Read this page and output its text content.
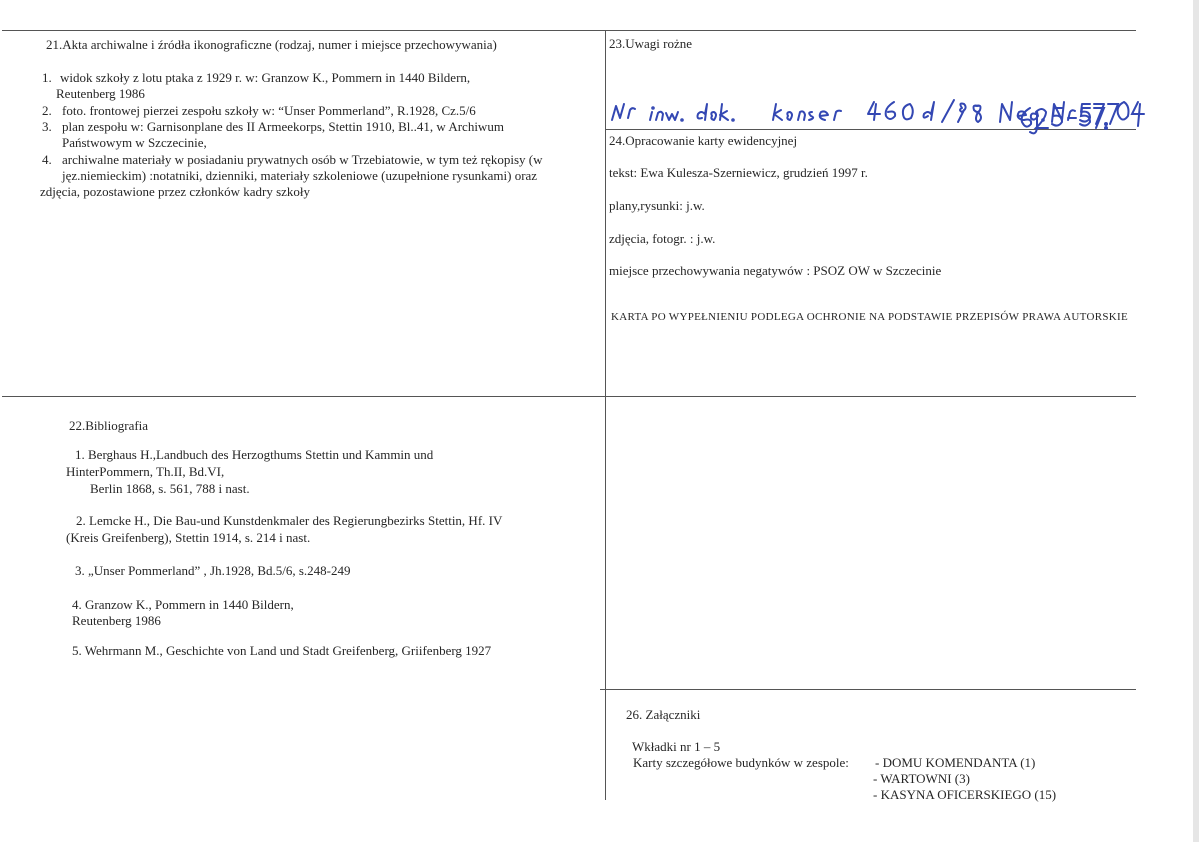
21.Akta archiwalne i źródła ikonograficzne (rodzaj, numer i miejsce przechowywania)
1. widok szkoły z lotu ptaka z 1929 r. w: Granzow K., Pommern in 1440 Bildern,
Reutenberg 1986
2. foto. frontowej pierzei zespołu szkoły w: “Unser Pommerland”, R.1928, Cz.5/6
3. plan zespołu w: Garnisonplane des II Armeekorps, Stettin 1910, Bl..41, w Archiwum
Państwowym w Szczecinie,
4. archiwalne materiały w posiadaniu prywatnych osób w Trzebiatowie, w tym też rękopisy (w
jęz.niemieckim) :notatniki, dzienniki, materiały szkoleniowe (uzupełnione rysunkami) oraz
zdjęcia, pozostawione przez członków kadry szkoły
23.Uwagi rożne
24.Opracowanie karty ewidencyjnej
tekst: Ewa Kulesza-Szerniewicz, grudzień 1997 r.
plany,rysunki: j.w.
zdjęcia, fotogr. : j.w.
miejsce przechowywania negatywów : PSOZ OW w Szczecinie
KARTA PO WYPEŁNIENIU PODLEGA OCHRONIE NA PODSTAWIE PRZEPISÓW PRAWA AUTORSKIE
22.Bibliografia
1. Berghaus H.,Landbuch des Herzogthums Stettin und Kammin und
HinterPommern, Th.II, Bd.VI,
Berlin 1868, s. 561, 788 i nast.
2. Lemcke H., Die Bau-und Kunstdenkmaler des Regierungbezirks Stettin, Hf. IV
(Kreis Greifenberg), Stettin 1914, s. 214 i nast.
3. „Unser Pommerland” , Jh.1928, Bd.5/6, s.248-249
4. Granzow K., Pommern in 1440 Bildern,
Reutenberg 1986
5. Wehrmann M., Geschichte von Land und Stadt Greifenberg, Griifenberg 1927
26. Załączniki
Wkładki nr 1 – 5
Karty szczegółowe budynków w zespole: - DOMU KOMENDANTA (1)
- WARTOWNI (3)
- KASYNA OFICERSKIEGO (15)
